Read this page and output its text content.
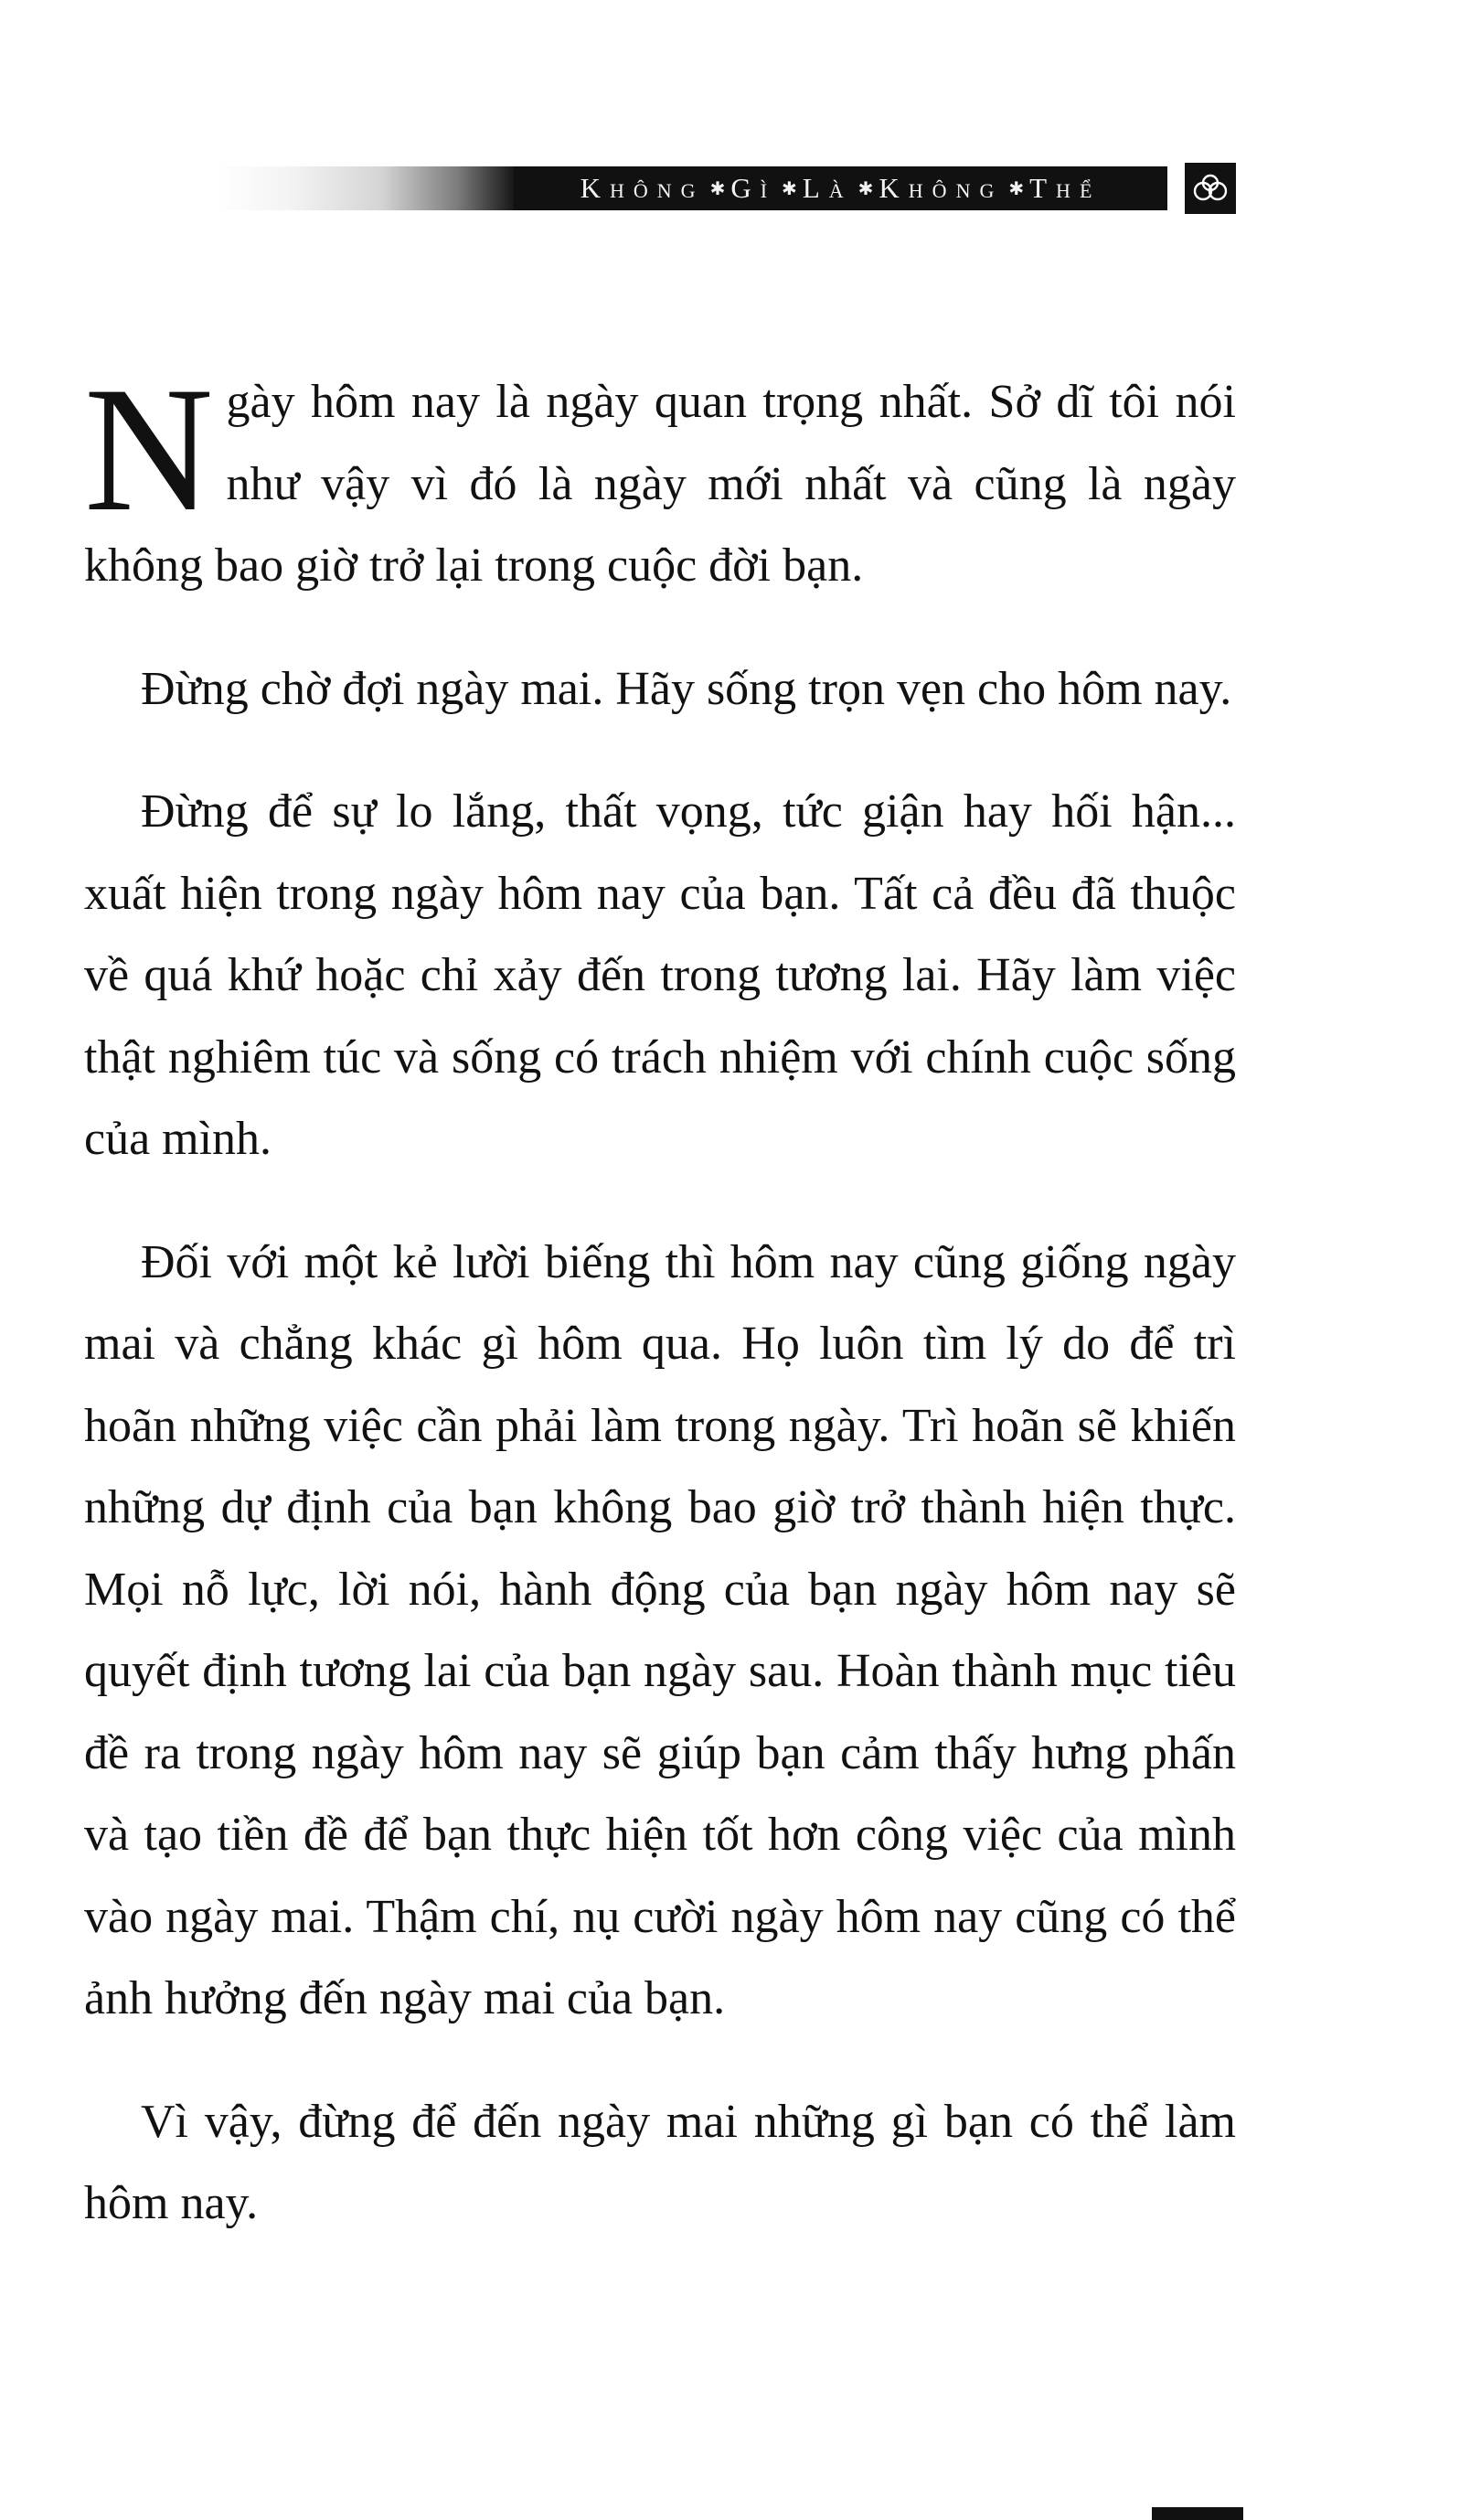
Không ✱ Gì ✱ Là ✱ Không ✱ Thể

Ngày hôm nay là ngày quan trọng nhất. Sở dĩ tôi nói như vậy vì đó là ngày mới nhất và cũng là ngày không bao giờ trở lại trong cuộc đời bạn.

Đừng chờ đợi ngày mai. Hãy sống trọn vẹn cho hôm nay.

Đừng để sự lo lắng, thất vọng, tức giận hay hối hận... xuất hiện trong ngày hôm nay của bạn. Tất cả đều đã thuộc về quá khứ hoặc chỉ xảy đến trong tương lai. Hãy làm việc thật nghiêm túc và sống có trách nhiệm với chính cuộc sống của mình.

Đối với một kẻ lười biếng thì hôm nay cũng giống ngày mai và chẳng khác gì hôm qua. Họ luôn tìm lý do để trì hoãn những việc cần phải làm trong ngày. Trì hoãn sẽ khiến những dự định của bạn không bao giờ trở thành hiện thực. Mọi nỗ lực, lời nói, hành động của bạn ngày hôm nay sẽ quyết định tương lai của bạn ngày sau. Hoàn thành mục tiêu đề ra trong ngày hôm nay sẽ giúp bạn cảm thấy hưng phấn và tạo tiền đề để bạn thực hiện tốt hơn công việc của mình vào ngày mai. Thậm chí, nụ cười ngày hôm nay cũng có thể ảnh hưởng đến ngày mai của bạn.

Vì vậy, đừng để đến ngày mai những gì bạn có thể làm hôm nay.
